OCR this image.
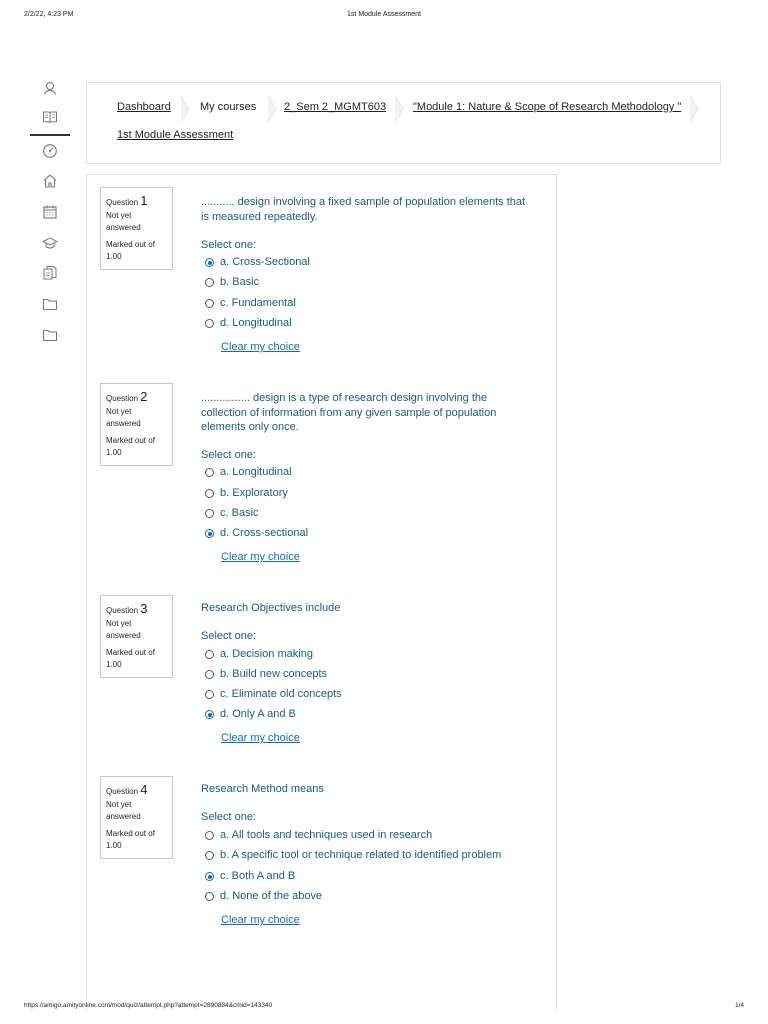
2/2/22, 4:23 PM	1st Module Assessment
Dashboard	My courses	2_Sem 2_MGMT603 "Module 1: Nature & Scope of Research Methodology "
1st Module Assessment
Question 1
Not yet answered
Marked out of 1.00
........... design involving a fixed sample of population elements that is measured repeatedly.
Select one:
a. Cross-Sectional
b. Basic
c. Fundamental
d. Longitudinal
Clear my choice
Question 2
Not yet answered
Marked out of 1.00
................ design is a type of research design involving the collection of information from any given sample of population elements only once.
Select one:
a. Longitudinal
b. Exploratory
c. Basic
d. Cross-sectional
Clear my choice
Question 3
Not yet answered
Marked out of 1.00
Research Objectives include
Select one:
a. Decision making
b. Build new concepts
c. Eliminate old concepts
d. Only A and B
Clear my choice
Question 4
Not yet answered
Marked out of 1.00
Research Method means
Select one:
a. All tools and techniques used in research
b. A specific tool or technique related to identified problem
c. Both A and B
d. None of the above
Clear my choice
https://amigo.amityonline.com/mod/quiz/attempt.php?attempt=2890884&cmid=143340	1/4
